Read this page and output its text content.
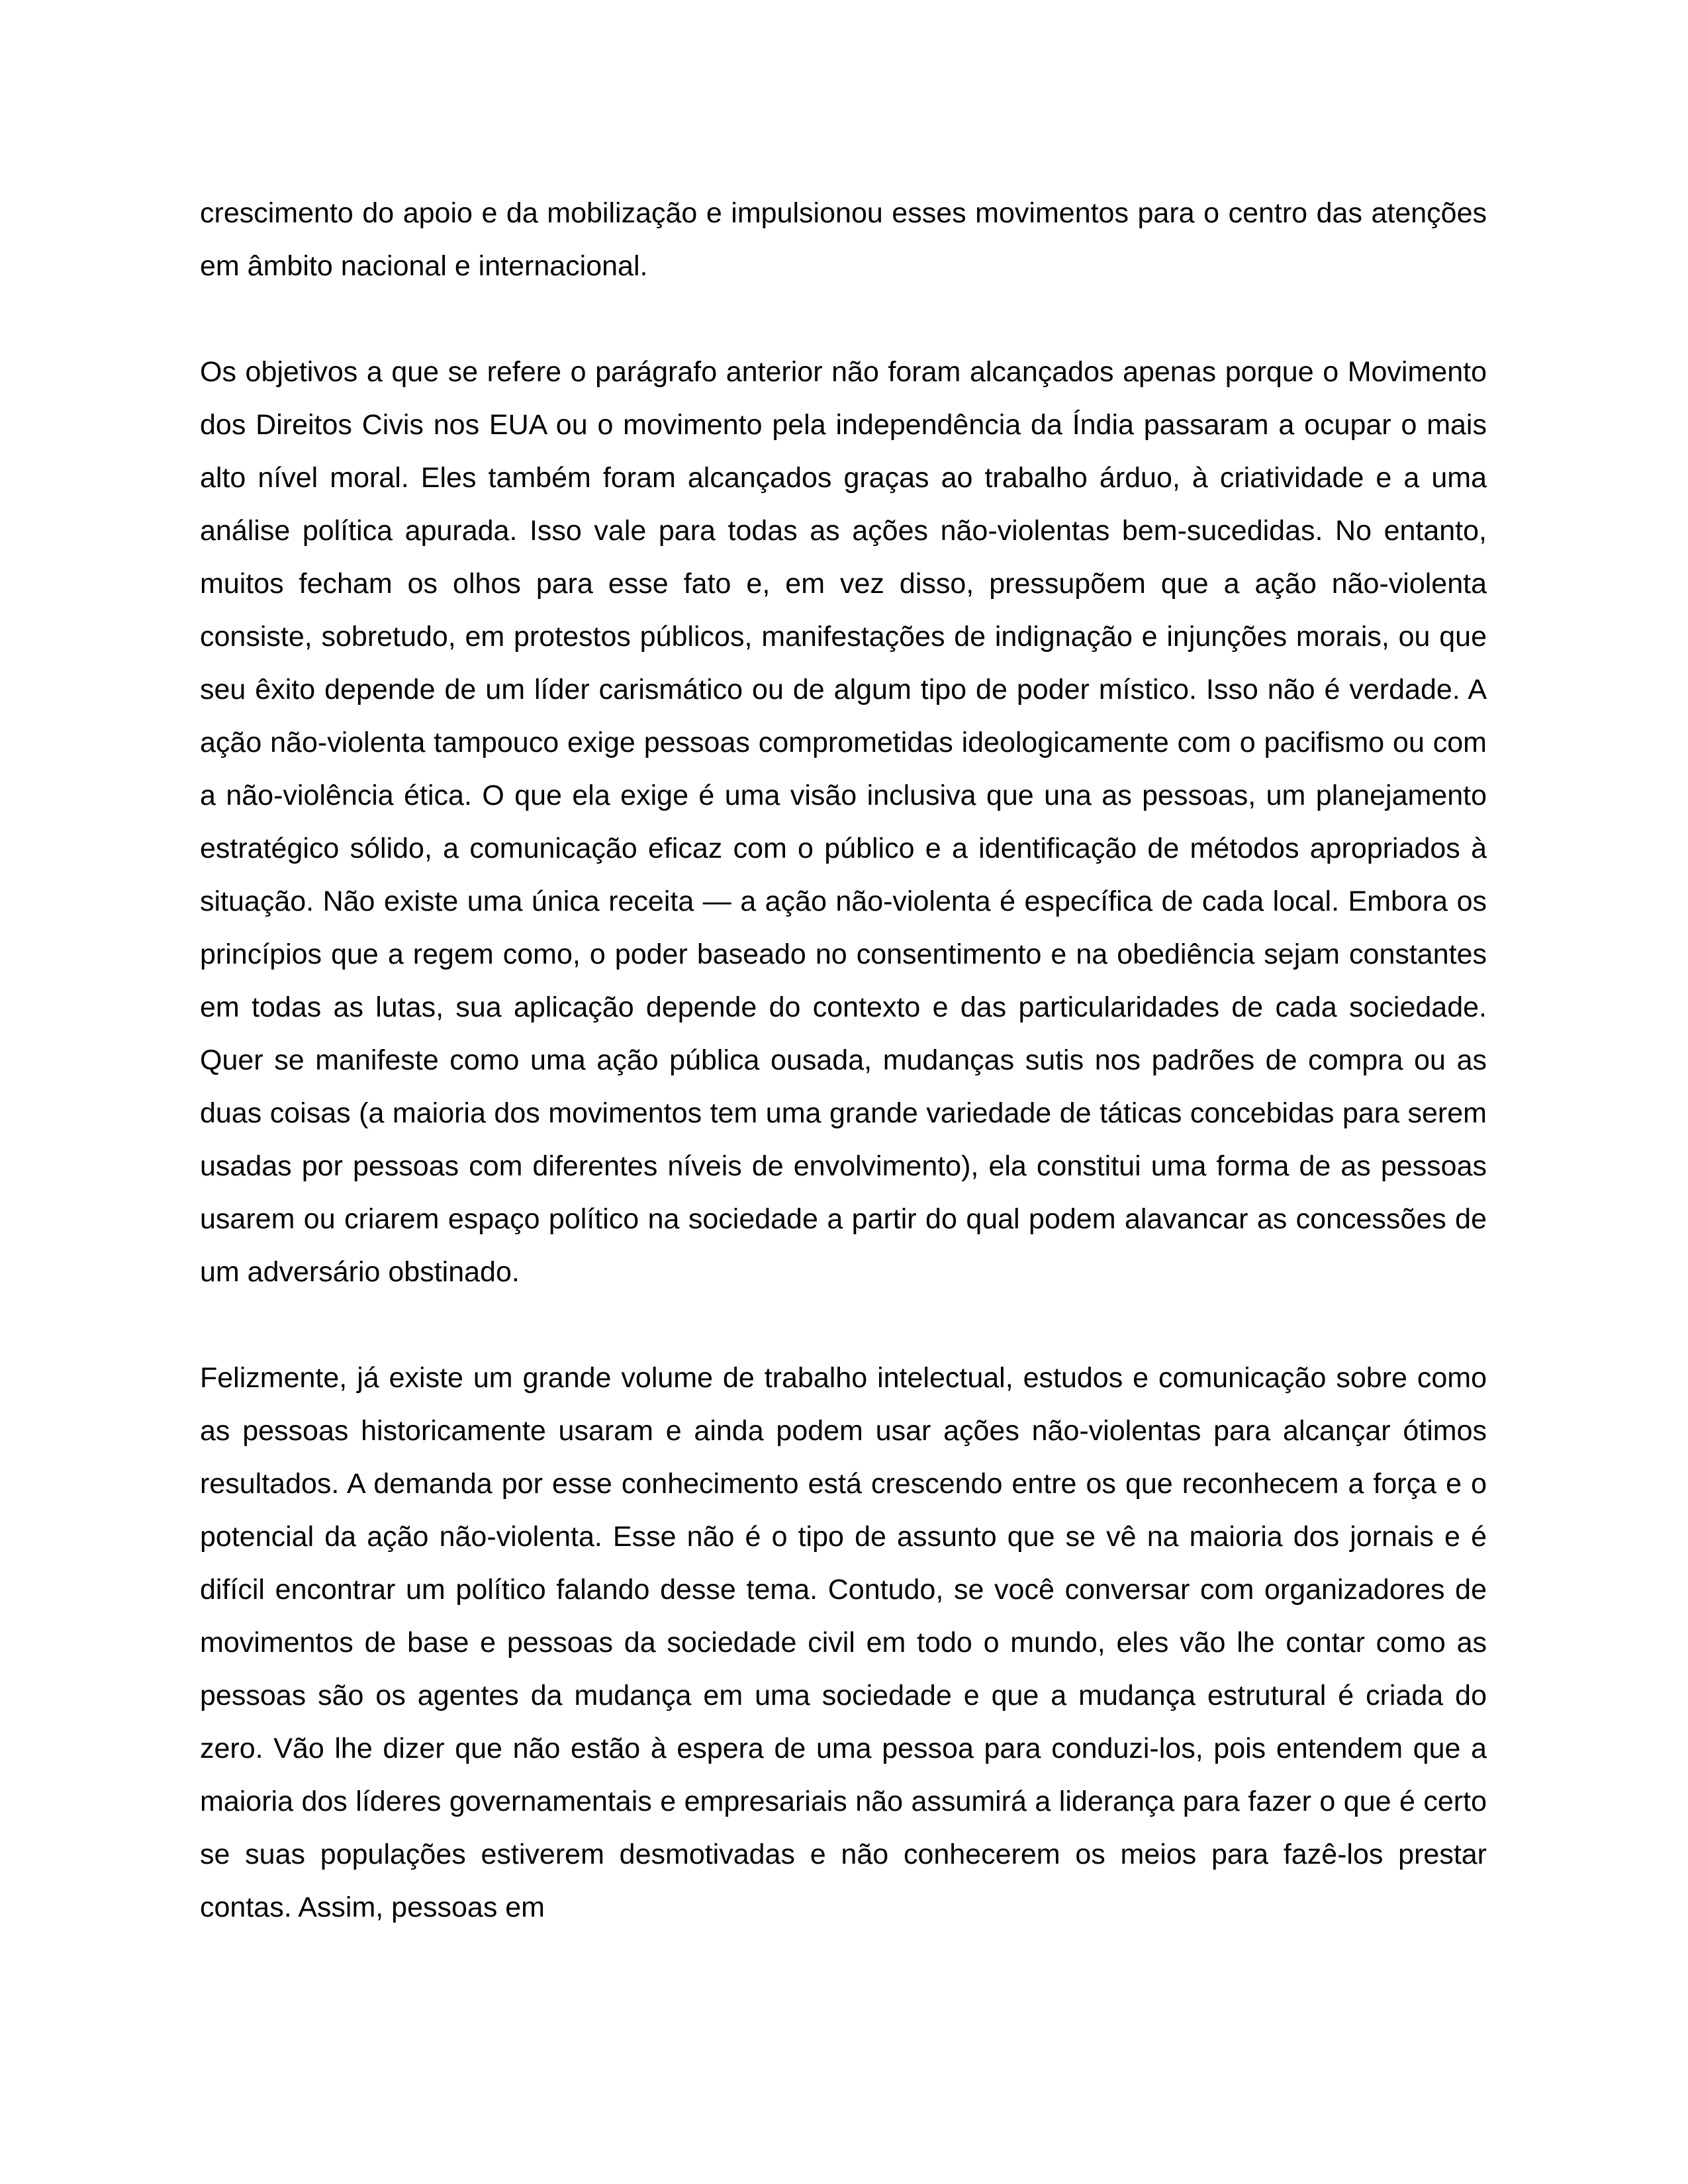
crescimento do apoio e da mobilização e impulsionou esses movimentos para o centro das atenções em âmbito nacional e internacional.

Os objetivos a que se refere o parágrafo anterior não foram alcançados apenas porque o Movimento dos Direitos Civis nos EUA ou o movimento pela independência da Índia passaram a ocupar o mais alto nível moral. Eles também foram alcançados graças ao trabalho árduo, à criatividade e a uma análise política apurada. Isso vale para todas as ações não-violentas bem-sucedidas. No entanto, muitos fecham os olhos para esse fato e, em vez disso, pressupõem que a ação não-violenta consiste, sobretudo, em protestos públicos, manifestações de indignação e injunções morais, ou que seu êxito depende de um líder carismático ou de algum tipo de poder místico. Isso não é verdade. A ação não-violenta tampouco exige pessoas comprometidas ideologicamente com o pacifismo ou com a não-violência ética. O que ela exige é uma visão inclusiva que una as pessoas, um planejamento estratégico sólido, a comunicação eficaz com o público e a identificação de métodos apropriados à situação. Não existe uma única receita — a ação não-violenta é específica de cada local. Embora os princípios que a regem como, o poder baseado no consentimento e na obediência sejam constantes em todas as lutas, sua aplicação depende do contexto e das particularidades de cada sociedade. Quer se manifeste como uma ação pública ousada, mudanças sutis nos padrões de compra ou as duas coisas (a maioria dos movimentos tem uma grande variedade de táticas concebidas para serem usadas por pessoas com diferentes níveis de envolvimento), ela constitui uma forma de as pessoas usarem ou criarem espaço político na sociedade a partir do qual podem alavancar as concessões de um adversário obstinado.

Felizmente, já existe um grande volume de trabalho intelectual, estudos e comunicação sobre como as pessoas historicamente usaram e ainda podem usar ações não-violentas para alcançar ótimos resultados. A demanda por esse conhecimento está crescendo entre os que reconhecem a força e o potencial da ação não-violenta. Esse não é o tipo de assunto que se vê na maioria dos jornais e é difícil encontrar um político falando desse tema. Contudo, se você conversar com organizadores de movimentos de base e pessoas da sociedade civil em todo o mundo, eles vão lhe contar como as pessoas são os agentes da mudança em uma sociedade e que a mudança estrutural é criada do zero. Vão lhe dizer que não estão à espera de uma pessoa para conduzi-los, pois entendem que a maioria dos líderes governamentais e empresariais não assumirá a liderança para fazer o que é certo se suas populações estiverem desmotivadas e não conhecerem os meios para fazê-los prestar contas. Assim, pessoas em
